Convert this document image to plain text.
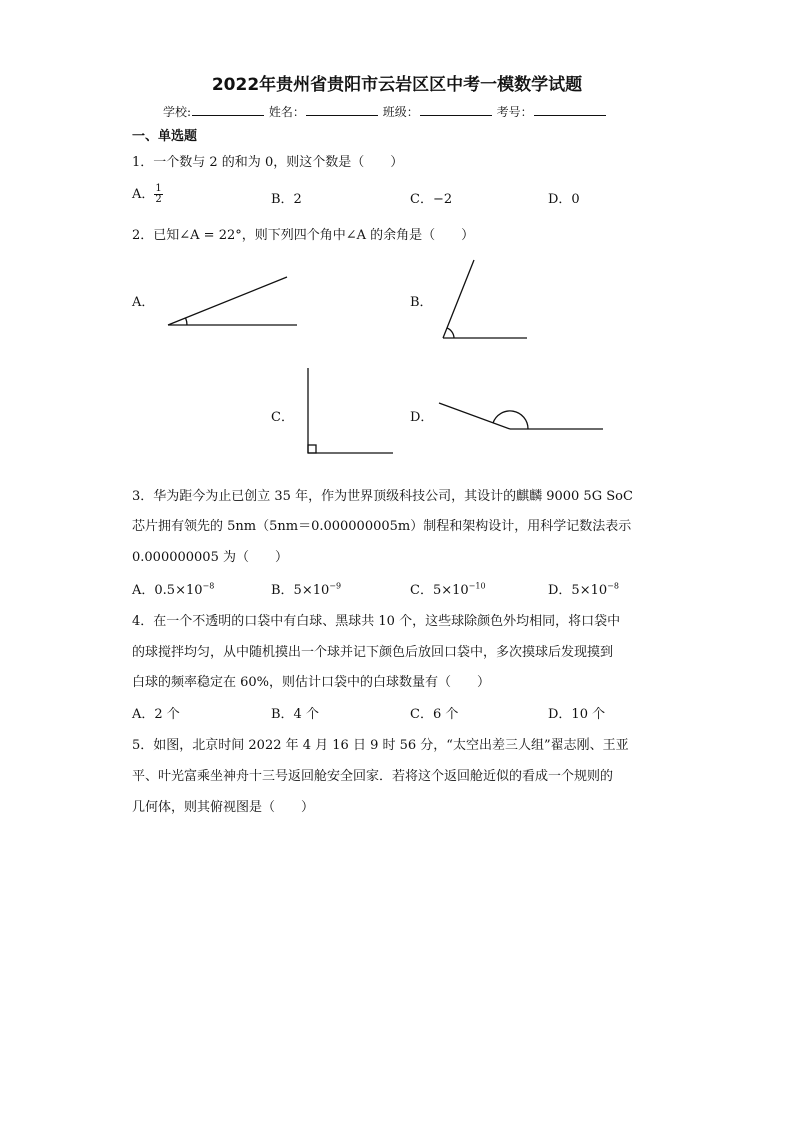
2022年贵州省贵阳市云岩区区中考一模数学试题
学校:	姓名：	班级：	考号：
一、单选题
1．一个数与 2 的和为 0，则这个数是（　　）
A． $\frac{1}{2}$	B．2	C．−2	D．0
2．已知∠A = 22°，则下列四个角中∠A 的余角是（　　）
A．	B．
C．	D．
3．华为距今为止已创立 35 年，作为世界顶级科技公司，其设计的麒麟 9000 5G SoC
芯片拥有领先的 5nm（5nm＝0.000000005m）制程和架构设计，用科学记数法表示
0.000000005 为（　　）
A．$0.5\times 10^{-8}$	B．$5\times 10^{-9}$	C．$5\times 10^{-10}$	D．$5\times 10^{-8}$
4．在一个不透明的口袋中有白球、黑球共 10 个，这些球除颜色外均相同，将口袋中
的球搅拌均匀，从中随机摸出一个球并记下颜色后放回口袋中，多次摸球后发现摸到
白球的频率稳定在 60%，则估计口袋中的白球数量有（　　）
A．2 个	B．4 个	C．6 个	D．10 个
5．如图，北京时间 2022 年 4 月 16 日 9 时 56 分，“太空出差三人组”翟志刚、王亚
平、叶光富乘坐神舟十三号返回舱安全回家．若将这个返回舱近似的看成一个规则的
几何体，则其俯视图是（　　）
